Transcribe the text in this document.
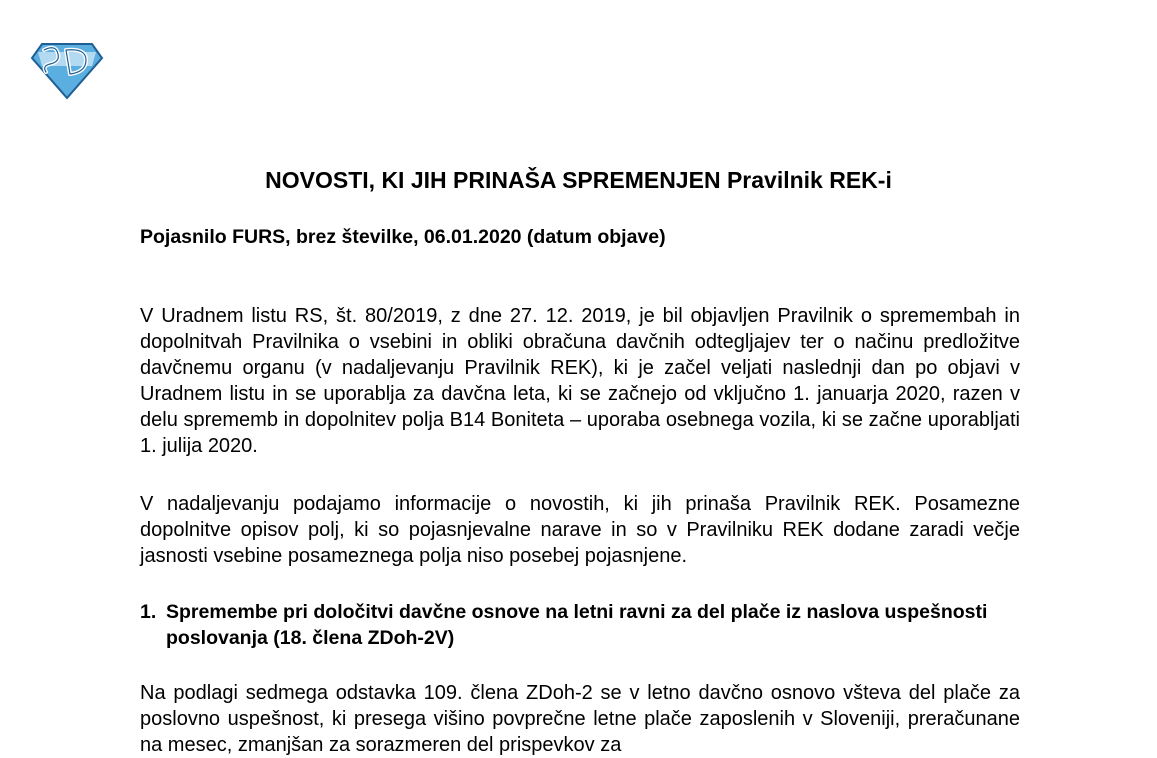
NOVOSTI, KI JIH PRINAŠA SPREMENJEN Pravilnik REK-i

Pojasnilo FURS, brez številke, 06.01.2020 (datum objave)

V Uradnem listu RS, št. 80/2019, z dne 27. 12. 2019, je bil objavljen Pravilnik o spremembah in dopolnitvah Pravilnika o vsebini in obliki obračuna davčnih odtegljajev ter o načinu predložitve davčnemu organu (v nadaljevanju Pravilnik REK), ki je začel veljati naslednji dan po objavi v Uradnem listu in se uporablja za davčna leta, ki se začnejo od vključno 1. januarja 2020, razen v delu sprememb in dopolnitev polja B14 Boniteta – uporaba osebnega vozila, ki se začne uporabljati 1. julija 2020.

V nadaljevanju podajamo informacije o novostih, ki jih prinaša Pravilnik REK. Posamezne dopolnitve opisov polj, ki so pojasnjevalne narave in so v Pravilniku REK dodane zaradi večje jasnosti vsebine posameznega polja niso posebej pojasnjene.

1. Spremembe pri določitvi davčne osnove na letni ravni za del plače iz naslova uspešnosti poslovanja (18. člena ZDoh-2V)

Na podlagi sedmega odstavka 109. člena ZDoh-2 se v letno davčno osnovo všteva del plače za poslovno uspešnost, ki presega višino povprečne letne plače zaposlenih v Sloveniji, preračunane na mesec, zmanjšan za sorazmeren del prispevkov za
